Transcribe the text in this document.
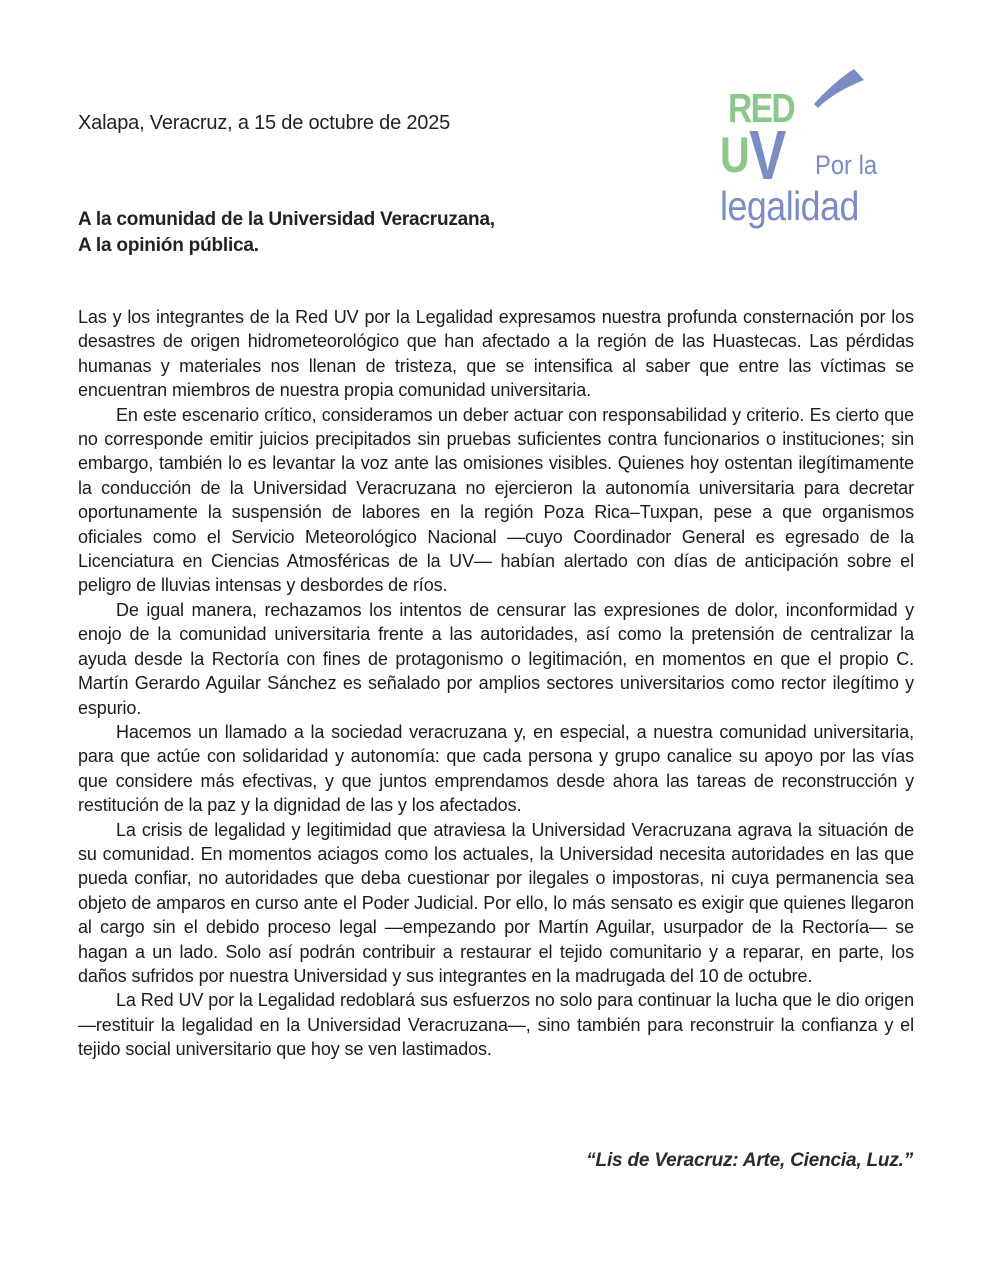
Xalapa, Veracruz, a 15 de octubre de 2025	RED
U V Por la
legalidad
A la comunidad de la Universidad Veracruzana,
A la opinión pública.

Las y los integrantes de la Red UV por la Legalidad expresamos nuestra profunda consternación por los desastres de origen hidrometeorológico que han afectado a la región de las Huastecas. Las pérdidas humanas y materiales nos llenan de tristeza, que se intensifica al saber que entre las víctimas se encuentran miembros de nuestra propia comunidad universitaria.

En este escenario crítico, consideramos un deber actuar con responsabilidad y criterio. Es cierto que no corresponde emitir juicios precipitados sin pruebas suficientes contra funcionarios o instituciones; sin embargo, también lo es levantar la voz ante las omisiones visibles. Quienes hoy ostentan ilegítimamente la conducción de la Universidad Veracruzana no ejercieron la autonomía universitaria para decretar oportunamente la suspensión de labores en la región Poza Rica–Tuxpan, pese a que organismos oficiales como el Servicio Meteorológico Nacional —cuyo Coordinador General es egresado de la Licenciatura en Ciencias Atmosféricas de la UV— habían alertado con días de anticipación sobre el peligro de lluvias intensas y desbordes de ríos.

De igual manera, rechazamos los intentos de censurar las expresiones de dolor, inconformidad y enojo de la comunidad universitaria frente a las autoridades, así como la pretensión de centralizar la ayuda desde la Rectoría con fines de protagonismo o legitimación, en momentos en que el propio C. Martín Gerardo Aguilar Sánchez es señalado por amplios sectores universitarios como rector ilegítimo y espurio.

Hacemos un llamado a la sociedad veracruzana y, en especial, a nuestra comunidad universitaria, para que actúe con solidaridad y autonomía: que cada persona y grupo canalice su apoyo por las vías que considere más efectivas, y que juntos emprendamos desde ahora las tareas de reconstrucción y restitución de la paz y la dignidad de las y los afectados.

La crisis de legalidad y legitimidad que atraviesa la Universidad Veracruzana agrava la situación de su comunidad. En momentos aciagos como los actuales, la Universidad necesita autoridades en las que pueda confiar, no autoridades que deba cuestionar por ilegales o impostoras, ni cuya permanencia sea objeto de amparos en curso ante el Poder Judicial. Por ello, lo más sensato es exigir que quienes llegaron al cargo sin el debido proceso legal —empezando por Martín Aguilar, usurpador de la Rectoría— se hagan a un lado. Solo así podrán contribuir a restaurar el tejido comunitario y a reparar, en parte, los daños sufridos por nuestra Universidad y sus integrantes en la madrugada del 10 de octubre.

La Red UV por la Legalidad redoblará sus esfuerzos no solo para continuar la lucha que le dio origen —restituir la legalidad en la Universidad Veracruzana—, sino también para reconstruir la confianza y el tejido social universitario que hoy se ven lastimados.

“Lis de Veracruz: Arte, Ciencia, Luz.”
